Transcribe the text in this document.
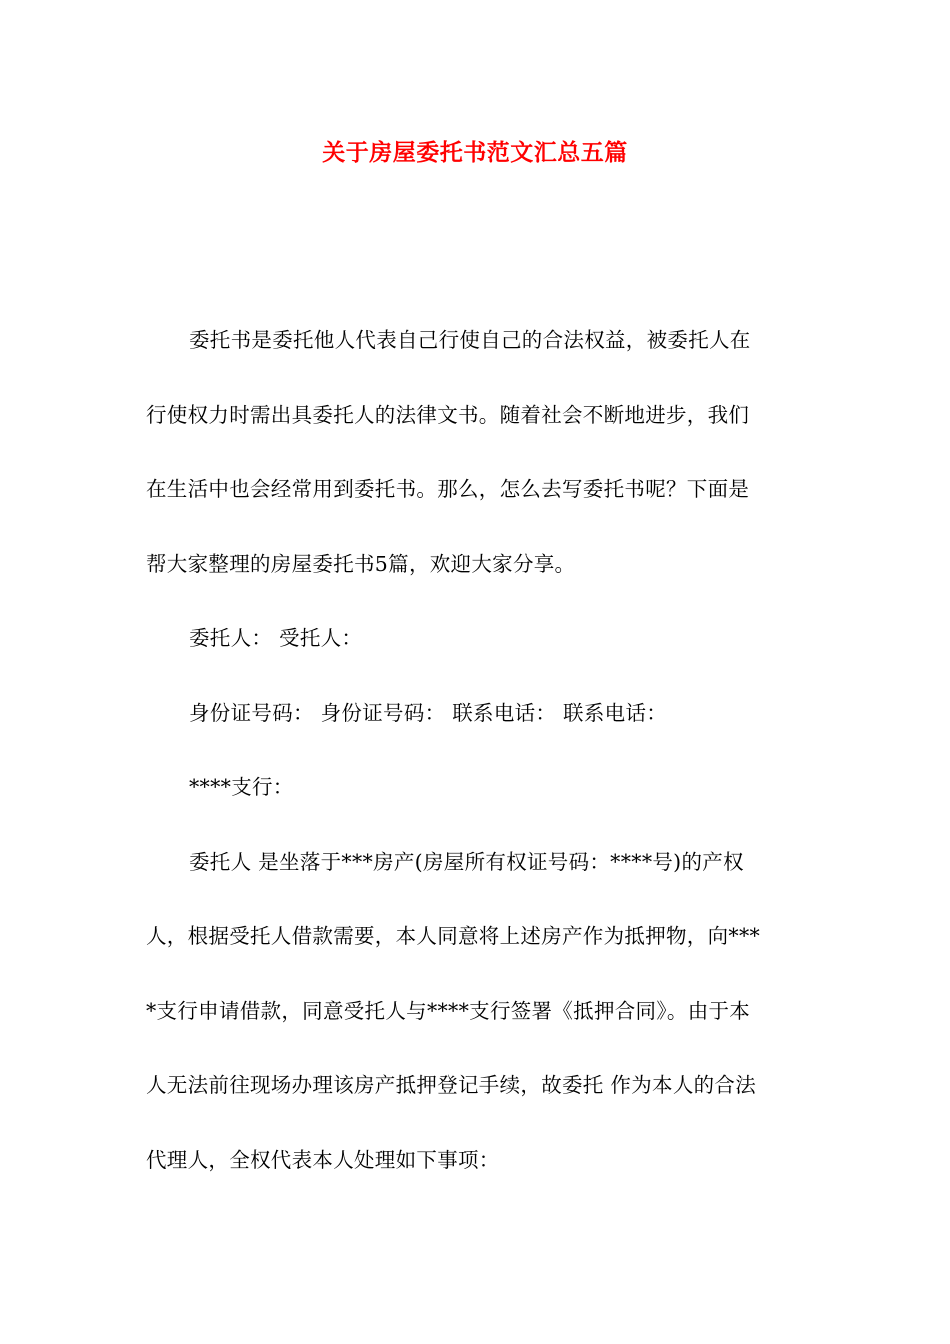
关于房屋委托书范文汇总五篇
委托书是委托他人代表自己行使自己的合法权益，被委托人在
行使权力时需出具委托人的法律文书。随着社会不断地进步，我们
在生活中也会经常用到委托书。那么，怎么去写委托书呢？下面是
帮大家整理的房屋委托书5篇，欢迎大家分享。
委托人： 受托人：
身份证号码： 身份证号码： 联系电话： 联系电话：
****支行：
委托人 是坐落于***房产(房屋所有权证号码：****号)的产权
人，根据受托人借款需要，本人同意将上述房产作为抵押物，向***
*支行申请借款，同意受托人与****支行签署《抵押合同》。由于本
人无法前往现场办理该房产抵押登记手续，故委托 作为本人的合法
代理人，全权代表本人处理如下事项：
